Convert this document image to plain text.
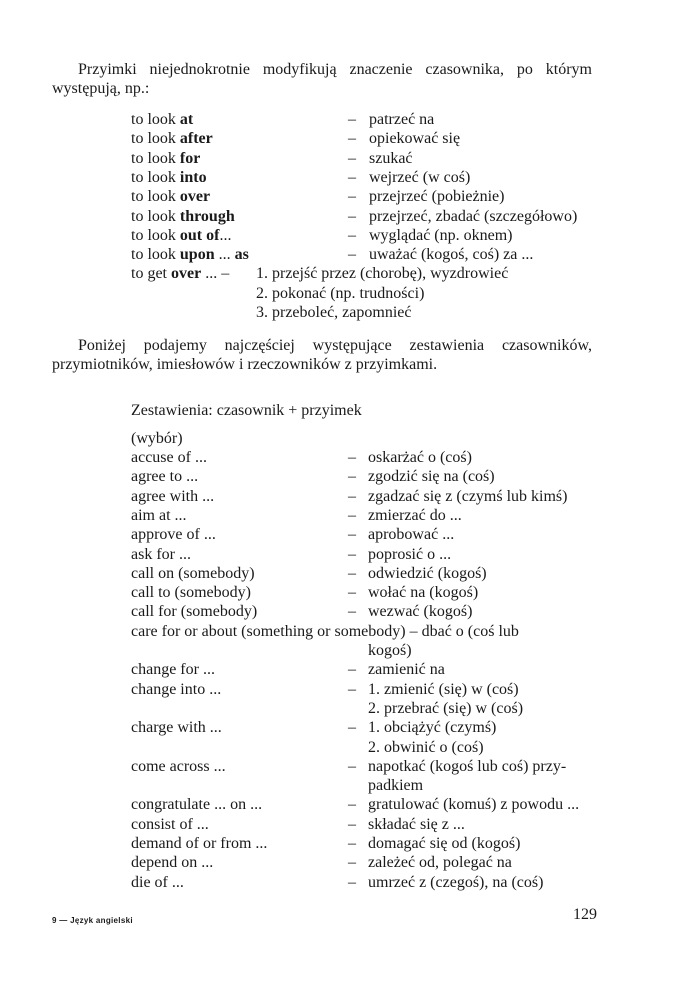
Przyimki niejednokrotnie modyfikują znaczenie czasownika, po którym występują, np.:
to look at	– patrzeć na
to look after	– opiekować się
to look for	– szukać
to look into	– wejrzeć (w coś)
to look over	– przejrzeć (pobieżnie)
to look through	– przejrzeć, zbadać (szczegółowo)
to look out of...	– wyglądać (np. oknem)
to look upon ... as	– uważać (kogoś, coś) za ...
to get over ... – 1. przejść przez (chorobę), wyzdrowieć
2. pokonać (np. trudności)
3. przeboleć, zapomnieć
Poniżej podajemy najczęściej występujące zestawienia czasowników, przymiotników, imiesłowów i rzeczowników z przyimkami.
Zestawienia: czasownik + przyimek
(wybór)
accuse of ...	– oskarżać o (coś)
agree to ...	– zgodzić się na (coś)
agree with ...	– zgadzać się z (czymś lub kimś)
aim at ...	– zmierzać do ...
approve of ...	– aprobować ...
ask for ...	– poprosić o ...
call on (somebody)	– odwiedzić (kogoś)
call to (somebody)	– wołać na (kogoś)
call for (somebody)	– wezwać (kogoś)
care for or about (something or somebody) – dbać o (coś lub
kogoś)
change for ...	– zamienić na
change into ...	– 1. zmienić (się) w (coś)
2. przebrać (się) w (coś)
charge with ...	– 1. obciążyć (czymś)
2. obwinić o (coś)
come across ...	– napotkać (kogoś lub coś) przy-
padkiem
congratulate ... on ...	– gratulować (komuś) z powodu ...
consist of ...	– składać się z ...
demand of or from ...	– domagać się od (kogoś)
depend on ...	– zależeć od, polegać na
die of ...	– umrzeć z (czegoś), na (coś)
9 — Język angielski	129
